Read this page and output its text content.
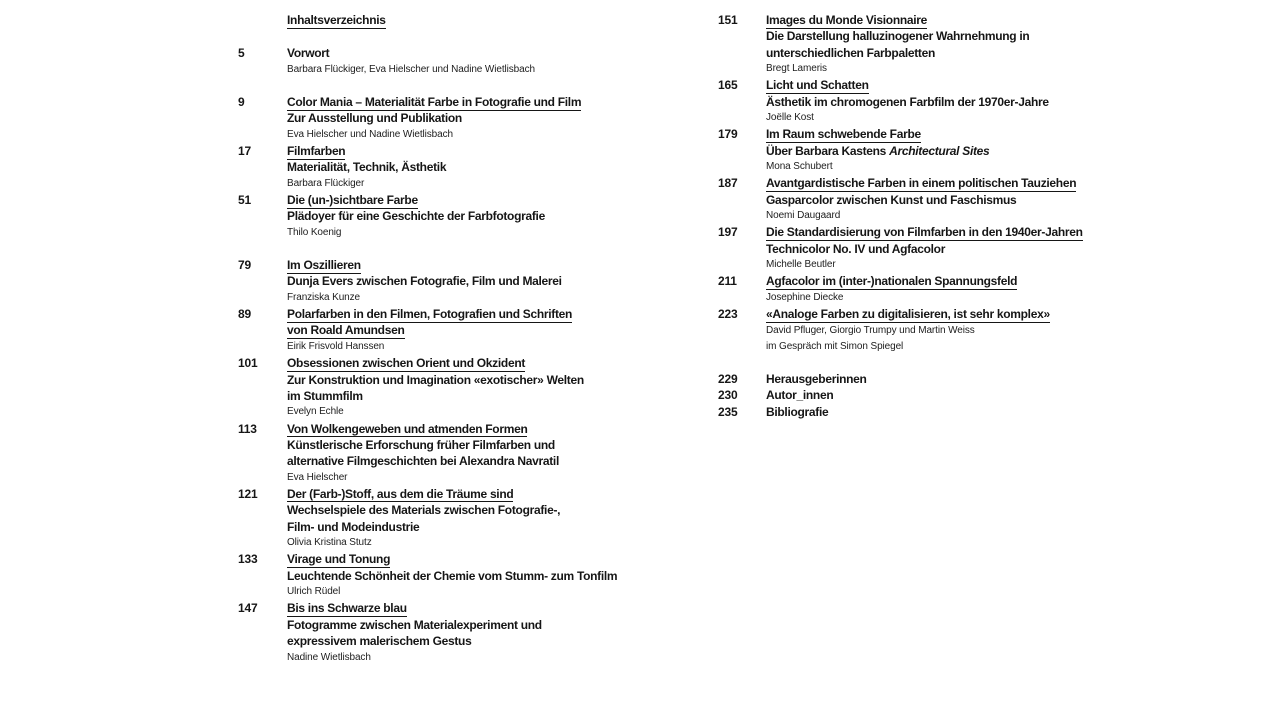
Inhaltsverzeichnis
5	Vorwort
Barbara Flückiger, Eva Hielscher und Nadine Wietlisbach
9	Color Mania – Materialität Farbe in Fotografie und Film
Zur Ausstellung und Publikation
Eva Hielscher und Nadine Wietlisbach
17	Filmfarben
Materialität, Technik, Ästhetik
Barbara Flückiger
51	Die (un-)sichtbare Farbe
Plädoyer für eine Geschichte der Farbfotografie
Thilo Koenig
79	Im Oszillieren
Dunja Evers zwischen Fotografie, Film und Malerei
Franziska Kunze
89	Polarfarben in den Filmen, Fotografien und Schriften
von Roald Amundsen
Eirik Frisvold Hanssen
101	Obsessionen zwischen Orient und Okzident
Zur Konstruktion und Imagination «exotischer» Welten
im Stummfilm
Evelyn Echle
113	Von Wolkengeweben und atmenden Formen
Künstlerische Erforschung früher Filmfarben und
alternative Filmgeschichten bei Alexandra Navratil
Eva Hielscher
121	Der (Farb-)Stoff, aus dem die Träume sind
Wechselspiele des Materials zwischen Fotografie-,
Film- und Modeindustrie
Olivia Kristina Stutz
133	Virage und Tonung
Leuchtende Schönheit der Chemie vom Stumm- zum Tonfilm
Ulrich Rüdel
147	Bis ins Schwarze blau
Fotogramme zwischen Materialexperiment und
expressivem malerischem Gestus
Nadine Wietlisbach
151	Images du Monde Visionnaire
Die Darstellung halluzinogener Wahrnehmung in
unterschiedlichen Farbpaletten
Bregt Lameris
165	Licht und Schatten
Ästhetik im chromogenen Farbfilm der 1970er-Jahre
Joëlle Kost
179	Im Raum schwebende Farbe
Über Barbara Kastens Architectural Sites
Mona Schubert
187	Avantgardistische Farben in einem politischen Tauziehen
Gasparcolor zwischen Kunst und Faschismus
Noemi Daugaard
197	Die Standardisierung von Filmfarben in den 1940er-Jahren
Technicolor No. IV und Agfacolor
Michelle Beutler
211	Agfacolor im (inter-)nationalen Spannungsfeld
Josephine Diecke
223	«Analoge Farben zu digitalisieren, ist sehr komplex»
David Pfluger, Giorgio Trumpy und Martin Weiss
im Gespräch mit Simon Spiegel
229	Herausgeberinnen
230	Autor_innen
235	Bibliografie
